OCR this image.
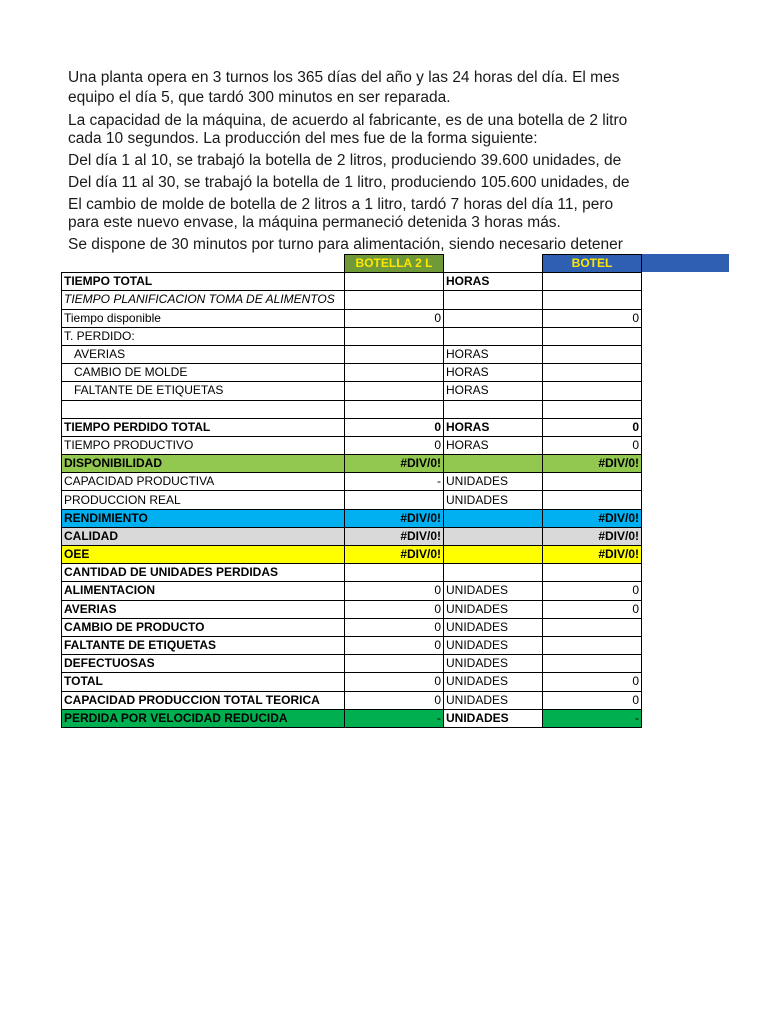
Una planta opera en 3 turnos los 365 días del año y las 24 horas del día. El mes
equipo el día 5, que tardó 300 minutos en ser reparada.
La capacidad de la máquina, de acuerdo al fabricante, es de una botella de 2 litro
cada 10 segundos. La producción del mes fue de la forma siguiente:
Del día 1 al 10, se trabajó la botella de 2 litros, produciendo 39.600 unidades, de
Del día 11 al 30, se trabajó la botella de 1 litro, produciendo 105.600 unidades, de
El cambio de molde de botella de 2 litros a 1 litro, tardó 7 horas del día 11, pero
para este nuevo envase, la máquina permaneció detenida 3 horas más.
Se dispone de 30 minutos por turno para alimentación, siendo necesario detener
	BOTELLA 2 L		BOTEL
TIEMPO TOTAL		HORAS	
TIEMPO PLANIFICACION TOMA DE ALIMENTOS			
Tiempo disponible	0		0
T. PERDIDO:			
AVERIAS		HORAS	
CAMBIO DE MOLDE		HORAS	
FALTANTE DE ETIQUETAS		HORAS	

TIEMPO PERDIDO TOTAL	0	HORAS	0
TIEMPO PRODUCTIVO	0	HORAS	0
DISPONIBILIDAD	#DIV/0!		#DIV/0!
CAPACIDAD PRODUCTIVA	-	UNIDADES	
PRODUCCION REAL		UNIDADES	
RENDIMIENTO	#DIV/0!		#DIV/0!
CALIDAD	#DIV/0!		#DIV/0!
OEE	#DIV/0!		#DIV/0!
CANTIDAD DE UNIDADES PERDIDAS			
ALIMENTACION	0	UNIDADES	0
AVERIAS	0	UNIDADES	0
CAMBIO DE PRODUCTO	0	UNIDADES	
FALTANTE DE ETIQUETAS	0	UNIDADES	
DEFECTUOSAS		UNIDADES	
TOTAL	0	UNIDADES	0
CAPACIDAD PRODUCCION TOTAL TEORICA	0	UNIDADES	0
PERDIDA POR VELOCIDAD REDUCIDA	-	UNIDADES	-
